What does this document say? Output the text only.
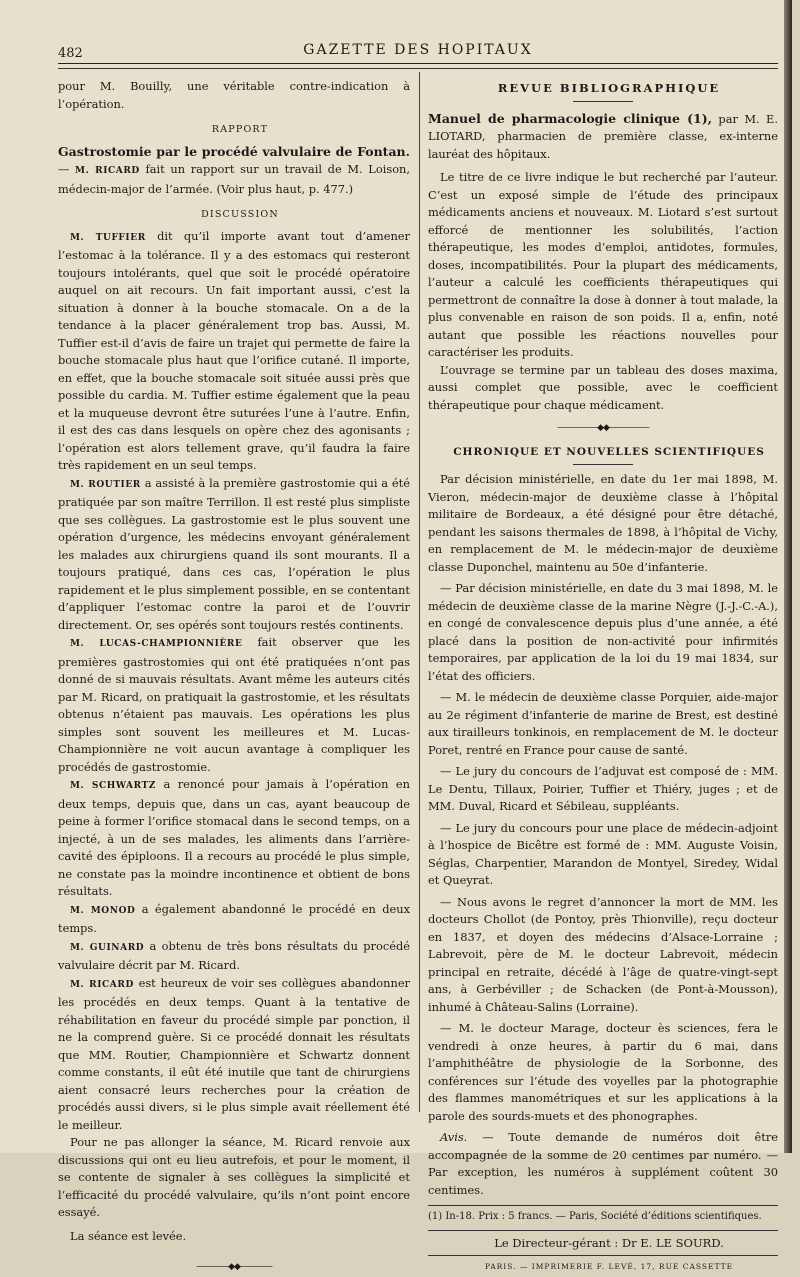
482	GAZETTE DES HOPITAUX

pour M. Bouilly, une véritable contre-indication à l’opération.

RAPPORT

Gastrostomie par le procédé valvulaire de Fontan. — M. RICARD fait un rapport sur un travail de M. Loison, médecin-major de l’armée. (Voir plus haut, p. 477.)

DISCUSSION

M. TUFFIER dit qu’il importe avant tout d’amener l’estomac à la tolérance. Il y a des estomacs qui resteront toujours intolérants, quel que soit le procédé opératoire auquel on ait recours. Un fait important aussi, c’est la situation à donner à la bouche stomacale. On a de la tendance à la placer généralement trop bas. Aussi, M. Tuffier est-il d’avis de faire un trajet qui permette de faire la bouche stomacale plus haut que l’orifice cutané. Il importe, en effet, que la bouche stomacale soit située aussi près que possible du cardia. M. Tuffier estime également que la peau et la muqueuse devront être suturées l’une à l’autre. Enfin, il est des cas dans lesquels on opère chez des agonisants ; l’opération est alors tellement grave, qu’il faudra la faire très rapidement en un seul temps.

M. ROUTIER a assisté à la première gastrostomie qui a été pratiquée par son maître Terrillon. Il est resté plus simpliste que ses collègues. La gastrostomie est le plus souvent une opération d’urgence, les médecins envoyant généralement les malades aux chirurgiens quand ils sont mourants. Il a toujours pratiqué, dans ces cas, l’opération le plus rapidement et le plus simplement possible, en se contentant d’appliquer l’estomac contre la paroi et de l’ouvrir directement. Or, ses opérés sont toujours restés continents.

M. LUCAS-CHAMPIONNIÈRE fait observer que les premières gastrostomies qui ont été pratiquées n’ont pas donné de si mauvais résultats. Avant même les auteurs cités par M. Ricard, on pratiquait la gastrostomie, et les résultats obtenus n’étaient pas mauvais. Les opérations les plus simples sont souvent les meilleures et M. Lucas-Championnière ne voit aucun avantage à compliquer les procédés de gastrostomie.

M. SCHWARTZ a renoncé pour jamais à l’opération en deux temps, depuis que, dans un cas, ayant beaucoup de peine à former l’orifice stomacal dans le second temps, on a injecté, à un de ses malades, les aliments dans l’arrière-cavité des épiploons. Il a recours au procédé le plus simple, ne constate pas la moindre incontinence et obtient de bons résultats.

M. MONOD a également abandonné le procédé en deux temps.

M. GUINARD a obtenu de très bons résultats du procédé valvulaire décrit par M. Ricard.

M. RICARD est heureux de voir ses collègues abandonner les procédés en deux temps. Quant à la tentative de réhabilitation en faveur du procédé simple par ponction, il ne la comprend guère. Si ce procédé donnait les résultats que MM. Routier, Championnière et Schwartz donnent comme constants, il eût été inutile que tant de chirurgiens aient consacré leurs recherches pour la création de procédés aussi divers, si le plus simple avait réellement été le meilleur.

Pour ne pas allonger la séance, M. Ricard renvoie aux discussions qui ont eu lieu autrefois, et pour le moment, il se contente de signaler à ses collègues la simplicité et l’efficacité du procédé valvulaire, qu’ils n’ont point encore essayé.

La séance est levée.

————◆◆————

REVUE BIBLIOGRAPHIQUE

Manuel de pharmacologie clinique (1), par M. E. LIOTARD, pharmacien de première classe, ex-interne lauréat des hôpitaux.

Le titre de ce livre indique le but recherché par l’auteur. C’est un exposé simple de l’étude des principaux médicaments anciens et nouveaux. M. Liotard s’est surtout efforcé de mentionner les solubilités, l’action thérapeutique, les modes d’emploi, antidotes, formules, doses, incompatibilités. Pour la plupart des médicaments, l’auteur a calculé les coefficients thérapeutiques qui permettront de connaître la dose à donner à tout malade, la plus convenable en raison de son poids. Il a, enfin, noté autant que possible les réactions nouvelles pour caractériser les produits.

L’ouvrage se termine par un tableau des doses maxima, aussi complet que possible, avec le coefficient thérapeutique pour chaque médicament.

—————◆◆—————

CHRONIQUE ET NOUVELLES SCIENTIFIQUES

Par décision ministérielle, en date du 1er mai 1898, M. Vieron, médecin-major de deuxième classe à l’hôpital militaire de Bordeaux, a été désigné pour être détaché, pendant les saisons thermales de 1898, à l’hôpital de Vichy, en remplacement de M. le médecin-major de deuxième classe Duponchel, maintenu au 50e d’infanterie.

— Par décision ministérielle, en date du 3 mai 1898, M. le médecin de deuxième classe de la marine Nègre (J.-J.-C.-A.), en congé de convalescence depuis plus d’une année, a été placé dans la position de non-activité pour infirmités temporaires, par application de la loi du 19 mai 1834, sur l’état des officiers.

— M. le médecin de deuxième classe Porquier, aide-major au 2e régiment d’infanterie de marine de Brest, est destiné aux tirailleurs tonkinois, en remplacement de M. le docteur Poret, rentré en France pour cause de santé.

— Le jury du concours de l’adjuvat est composé de : MM. Le Dentu, Tillaux, Poirier, Tuffier et Thiéry, juges ; et de MM. Duval, Ricard et Sébileau, suppléants.

— Le jury du concours pour une place de médecin-adjoint à l’hospice de Bicêtre est formé de : MM. Auguste Voisin, Séglas, Charpentier, Marandon de Montyel, Siredey, Widal et Queyrat.

— Nous avons le regret d’annoncer la mort de MM. les docteurs Chollot (de Pontoy, près Thionville), reçu docteur en 1837, et doyen des médecins d’Alsace-Lorraine ; Labrevoit, père de M. le docteur Labrevoit, médecin principal en retraite, décédé à l’âge de quatre-vingt-sept ans, à Gerbéviller ; de Schacken (de Pont-à-Mousson), inhumé à Château-Salins (Lorraine).

— M. le docteur Marage, docteur ès sciences, fera le vendredi à onze heures, à partir du 6 mai, dans l’amphithéâtre de physiologie de la Sorbonne, des conférences sur l’étude des voyelles par la photographie des flammes manométriques et sur les applications à la parole des sourds-muets et des phonographes.

Avis. — Toute demande de numéros doit être accompagnée de la somme de 20 centimes par numéro. — Par exception, les numéros à supplément coûtent 30 centimes.

(1) In-18. Prix : 5 francs. — Paris, Société d’éditions scientifiques.

Le Directeur-gérant : Dr E. LE SOURD.

PARIS. — IMPRIMERIE F. LEVÉ, 17, RUE CASSETTE
